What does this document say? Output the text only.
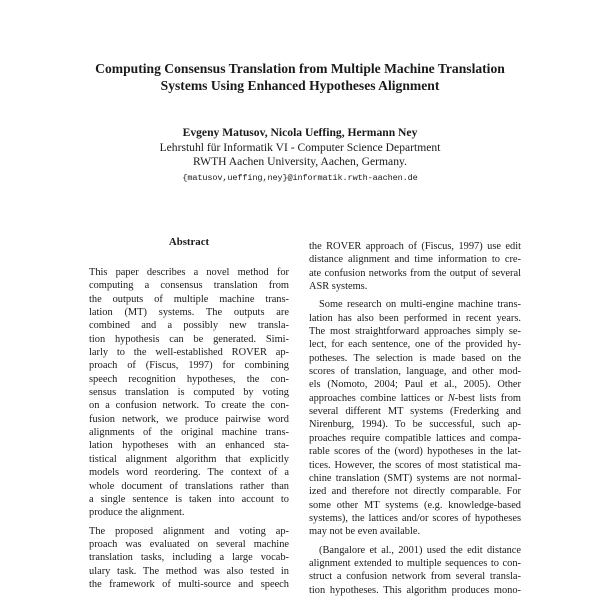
Computing Consensus Translation from Multiple Machine Translation
Systems Using Enhanced Hypotheses Alignment
Evgeny Matusov, Nicola Ueffing, Hermann Ney
Lehrstuhl für Informatik VI - Computer Science Department
RWTH Aachen University, Aachen, Germany.
{matusov,ueffing,ney}@informatik.rwth-aachen.de
Abstract
This paper describes a novel method for
computing a consensus translation from
the outputs of multiple machine trans-
lation (MT) systems. The outputs are
combined and a possibly new transla-
tion hypothesis can be generated. Simi-
larly to the well-established ROVER ap-
proach of (Fiscus, 1997) for combining
speech recognition hypotheses, the con-
sensus translation is computed by voting
on a confusion network. To create the con-
fusion network, we produce pairwise word
alignments of the original machine trans-
lation hypotheses with an enhanced sta-
tistical alignment algorithm that explicitly
models word reordering. The context of a
whole document of translations rather than
a single sentence is taken into account to
produce the alignment.
The proposed alignment and voting ap-
proach was evaluated on several machine
translation tasks, including a large vocab-
ulary task. The method was also tested in
the framework of multi-source and speech
the ROVER approach of (Fiscus, 1997) use edit
distance alignment and time information to cre-
ate confusion networks from the output of several
ASR systems.
Some research on multi-engine machine trans-
lation has also been performed in recent years.
The most straightforward approaches simply se-
lect, for each sentence, one of the provided hy-
potheses. The selection is made based on the
scores of translation, language, and other mod-
els (Nomoto, 2004; Paul et al., 2005). Other
approaches combine lattices or N-best lists from
several different MT systems (Frederking and
Nirenburg, 1994). To be successful, such ap-
proaches require compatible lattices and compa-
rable scores of the (word) hypotheses in the lat-
tices. However, the scores of most statistical ma-
chine translation (SMT) systems are not normal-
ized and therefore not directly comparable. For
some other MT systems (e.g. knowledge-based
systems), the lattices and/or scores of hypotheses
may not be even available.
(Bangalore et al., 2001) used the edit distance
alignment extended to multiple sequences to con-
struct a confusion network from several transla-
tion hypotheses. This algorithm produces mono-
